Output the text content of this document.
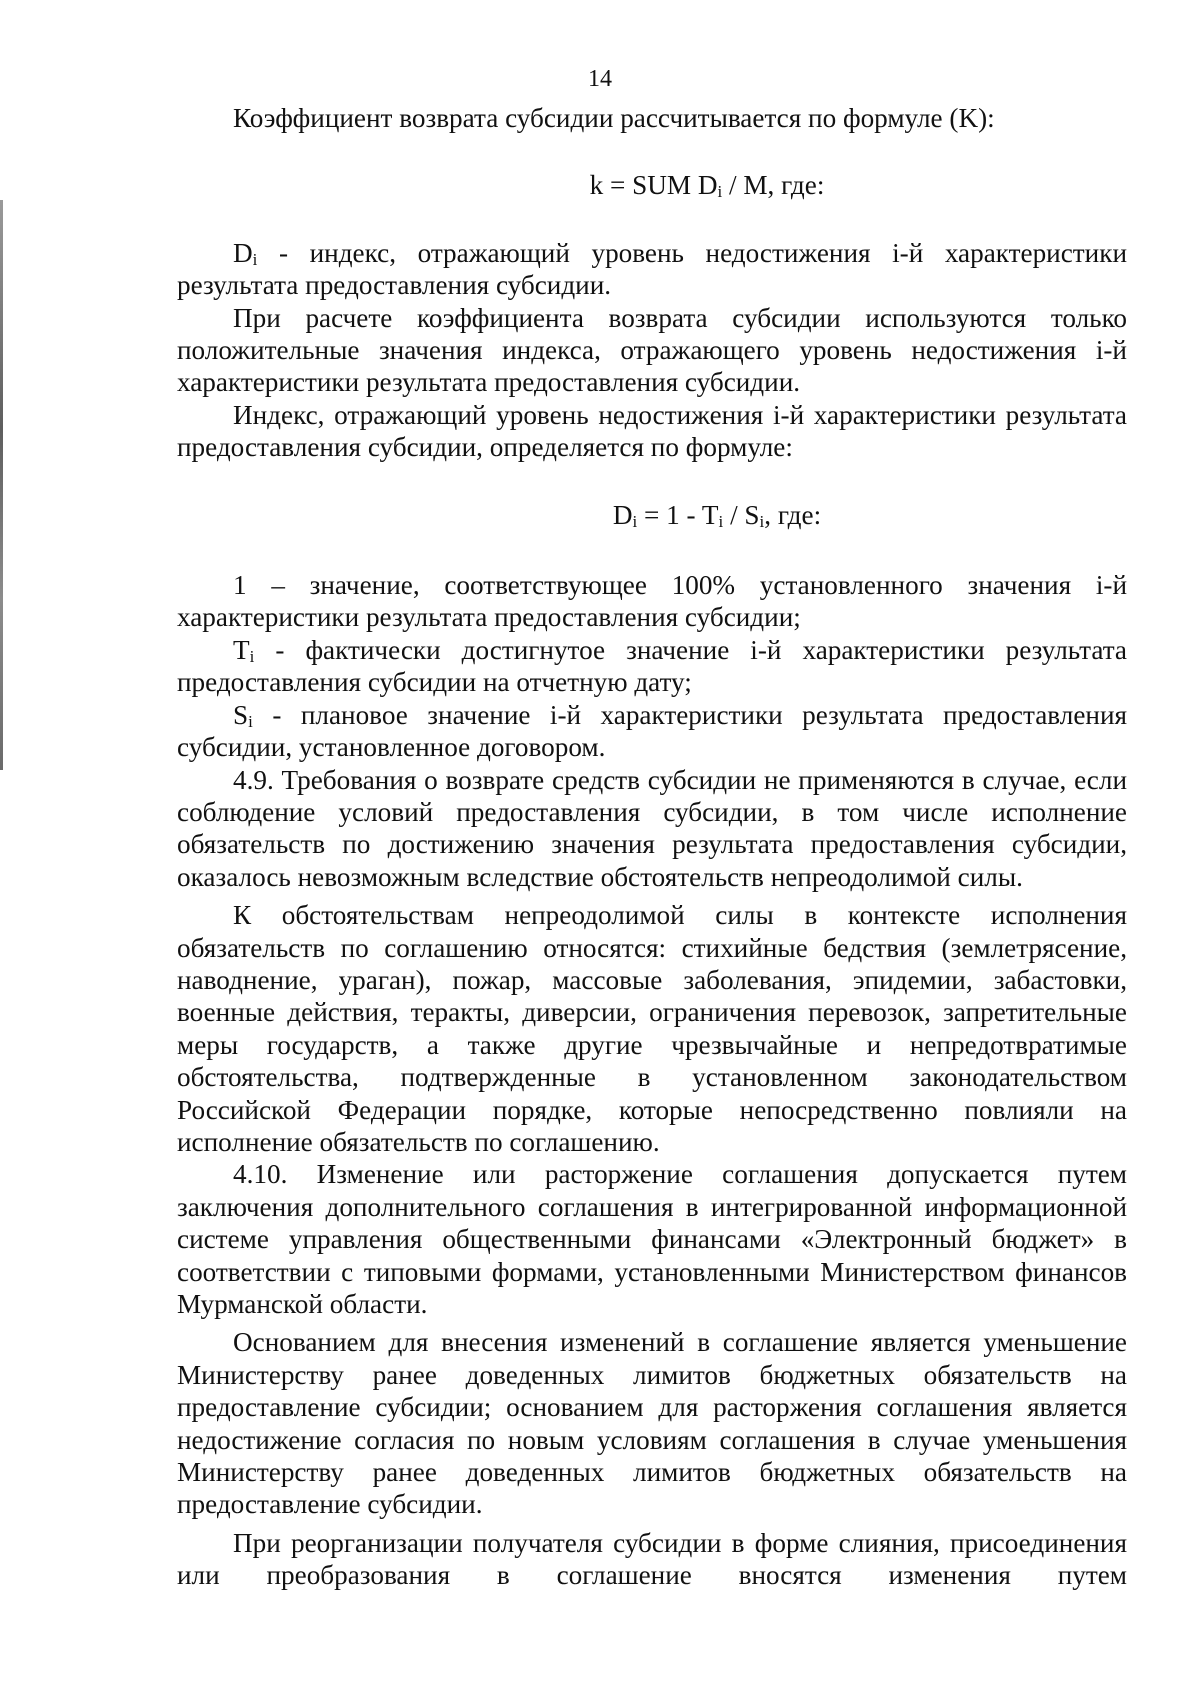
14

Коэффициент возврата субсидии рассчитывается по формуле (K):

k = SUM $D_i$ / M, где:

$D_i$ - индекс, отражающий уровень недостижения i-й характеристики результата предоставления субсидии.

При расчете коэффициента возврата субсидии используются только положительные значения индекса, отражающего уровень недостижения i-й характеристики результата предоставления субсидии.

Индекс, отражающий уровень недостижения i-й характеристики результата предоставления субсидии, определяется по формуле:

$D_i = 1 - T_i / S_i$, где:

1 – значение, соответствующее 100% установленного значения i-й характеристики результата предоставления субсидии;

$T_i$ - фактически достигнутое значение i-й характеристики результата предоставления субсидии на отчетную дату;

$S_i$ - плановое значение i-й характеристики результата предоставления субсидии, установленное договором.

4.9. Требования о возврате средств субсидии не применяются в случае, если соблюдение условий предоставления субсидии, в том числе исполнение обязательств по достижению значения результата предоставления субсидии, оказалось невозможным вследствие обстоятельств непреодолимой силы.

К обстоятельствам непреодолимой силы в контексте исполнения обязательств по соглашению относятся: стихийные бедствия (землетрясение, наводнение, ураган), пожар, массовые заболевания, эпидемии, забастовки, военные действия, теракты, диверсии, ограничения перевозок, запретительные меры государств, а также другие чрезвычайные и непредотвратимые обстоятельства, подтвержденные в установленном законодательством Российской Федерации порядке, которые непосредственно повлияли на исполнение обязательств по соглашению.

4.10. Изменение или расторжение соглашения допускается путем заключения дополнительного соглашения в интегрированной информационной системе управления общественными финансами «Электронный бюджет» в соответствии с типовыми формами, установленными Министерством финансов Мурманской области.

Основанием для внесения изменений в соглашение является уменьшение Министерству ранее доведенных лимитов бюджетных обязательств на предоставление субсидии; основанием для расторжения соглашения является недостижение согласия по новым условиям соглашения в случае уменьшения Министерству ранее доведенных лимитов бюджетных обязательств на предоставление субсидии.

При реорганизации получателя субсидии в форме слияния, присоединения или преобразования в соглашение вносятся изменения путем
